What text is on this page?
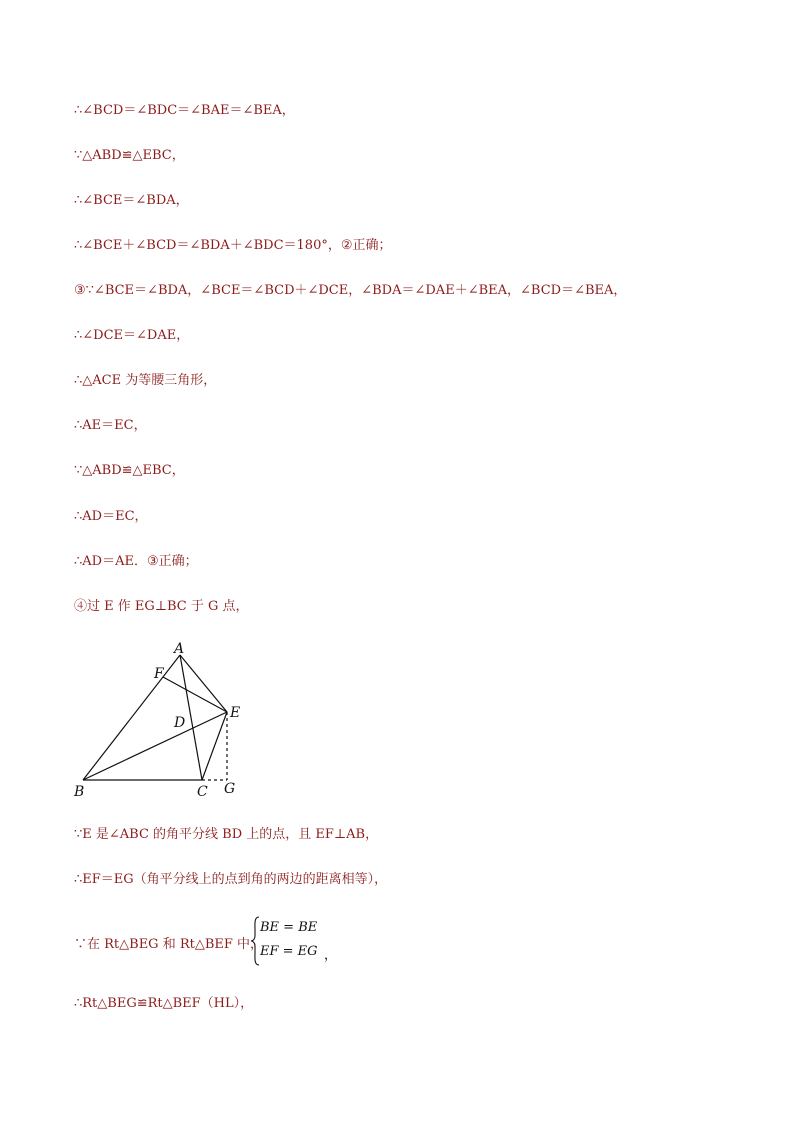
∴∠BCD＝∠BDC＝∠BAE＝∠BEA，
∵△ABD≌△EBC，
∴∠BCE＝∠BDA，
∴∠BCE＋∠BCD＝∠BDA＋∠BDC＝180°，②正确；
③∵∠BCE＝∠BDA，∠BCE＝∠BCD＋∠DCE，∠BDA＝∠DAE＋∠BEA，∠BCD＝∠BEA，
∴∠DCE＝∠DAE，
∴△ACE 为等腰三角形，
∴AE＝EC，
∵△ABD≌△EBC，
∴AD＝EC，
∴AD＝AE．③正确；
④过 E 作 EG⊥BC 于 G 点，
A
F
D
E
B	C G
∵E 是∠ABC 的角平分线 BD 上的点，且 EF⊥AB，
∴EF＝EG（角平分线上的点到角的两边的距离相等），
∵在 Rt△BEG 和 Rt△BEF 中，
BE = BE
EF = EG ，
∴Rt△BEG≌Rt△BEF（HL），
